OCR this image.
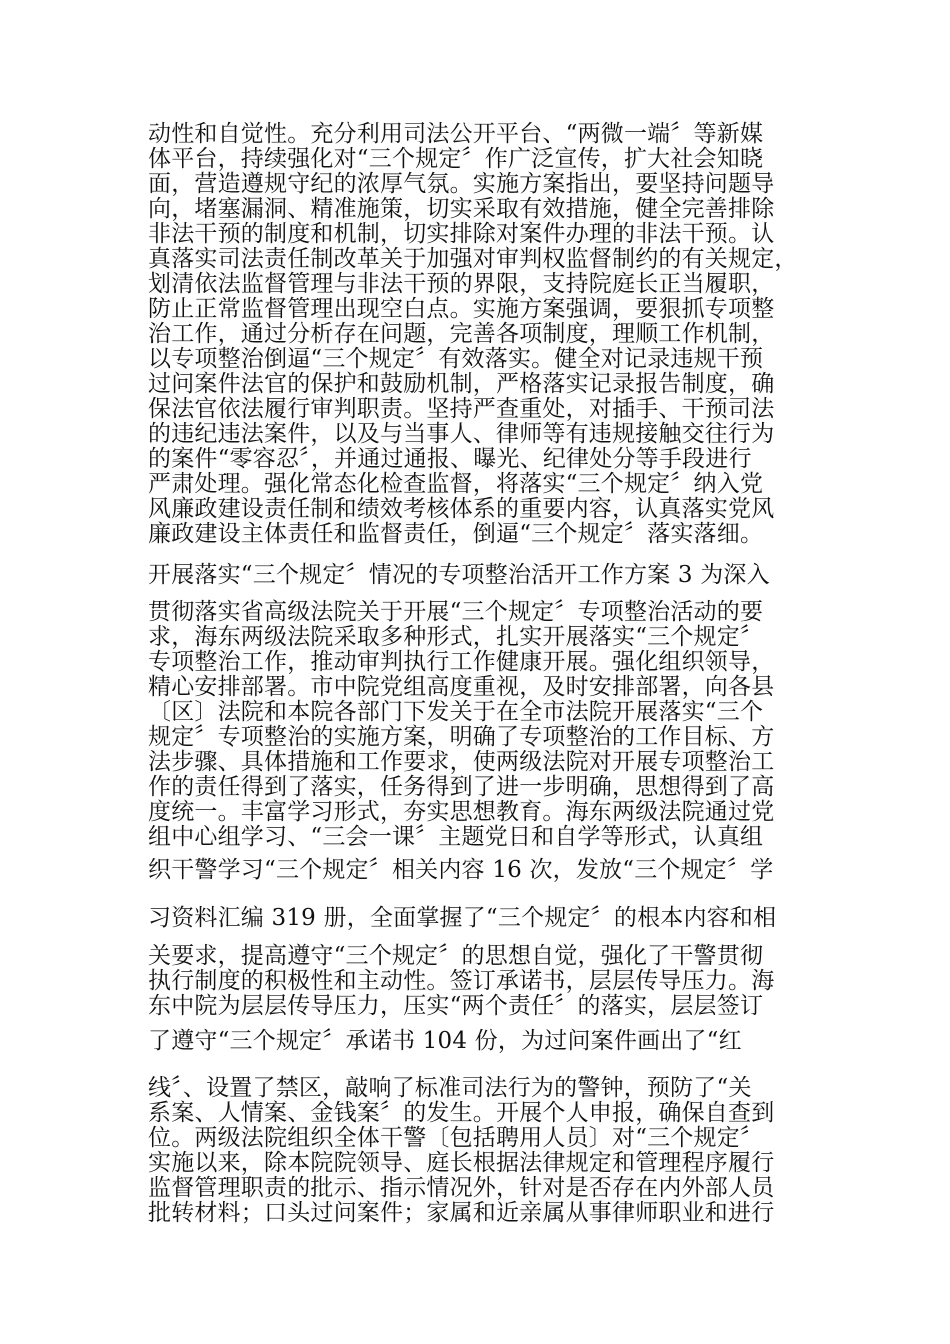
动性和自觉性。充分利用司法公开平台、“两微一端〞等新媒
体平台，持续强化对“三个规定〞作广泛宣传，扩大社会知晓
面，营造遵规守纪的浓厚气氛。实施方案指出，要坚持问题导
向，堵塞漏洞、精准施策，切实采取有效措施，健全完善排除
非法干预的制度和机制，切实排除对案件办理的非法干预。认
真落实司法责任制改革关于加强对审判权监督制约的有关规定，
划清依法监督管理与非法干预的界限，支持院庭长正当履职，
防止正常监督管理出现空白点。实施方案强调，要狠抓专项整
治工作，通过分析存在问题，完善各项制度，理顺工作机制，
以专项整治倒逼“三个规定〞有效落实。健全对记录违规干预
过问案件法官的保护和鼓励机制，严格落实记录报告制度，确
保法官依法履行审判职责。坚持严查重处，对插手、干预司法
的违纪违法案件，以及与当事人、律师等有违规接触交往行为
的案件“零容忍〞，并通过通报、曝光、纪律处分等手段进行
严肃处理。强化常态化检查监督，将落实“三个规定〞纳入党
风廉政建设责任制和绩效考核体系的重要内容，认真落实党风
廉政建设主体责任和监督责任，倒逼“三个规定〞落实落细。
开展落实“三个规定〞情况的专项整治活开工作方案 3 为深入
贯彻落实省高级法院关于开展“三个规定〞专项整治活动的要
求，海东两级法院采取多种形式，扎实开展落实“三个规定〞
专项整治工作，推动审判执行工作健康开展。强化组织领导，
精心安排部署。市中院党组高度重视，及时安排部署，向各县
〔区〕法院和本院各部门下发关于在全市法院开展落实“三个
规定〞专项整治的实施方案，明确了专项整治的工作目标、方
法步骤、具体措施和工作要求，使两级法院对开展专项整治工
作的责任得到了落实，任务得到了进一步明确，思想得到了高
度统一。丰富学习形式，夯实思想教育。海东两级法院通过党
组中心组学习、“三会一课〞主题党日和自学等形式，认真组
织干警学习“三个规定〞相关内容 16 次，发放“三个规定〞学
习资料汇编 319 册，全面掌握了“三个规定〞的根本内容和相
关要求，提高遵守“三个规定〞的思想自觉，强化了干警贯彻
执行制度的积极性和主动性。签订承诺书，层层传导压力。海
东中院为层层传导压力，压实“两个责任〞的落实，层层签订
了遵守“三个规定〞承诺书 104 份，为过问案件画出了“红
线〞、设置了禁区，敲响了标准司法行为的警钟，预防了“关
系案、人情案、金钱案〞的发生。开展个人申报，确保自查到
位。两级法院组织全体干警〔包括聘用人员〕对“三个规定〞
实施以来，除本院院领导、庭长根据法律规定和管理程序履行
监督管理职责的批示、指示情况外，针对是否存在内外部人员
批转材料；口头过问案件；家属和近亲属从事律师职业和进行
